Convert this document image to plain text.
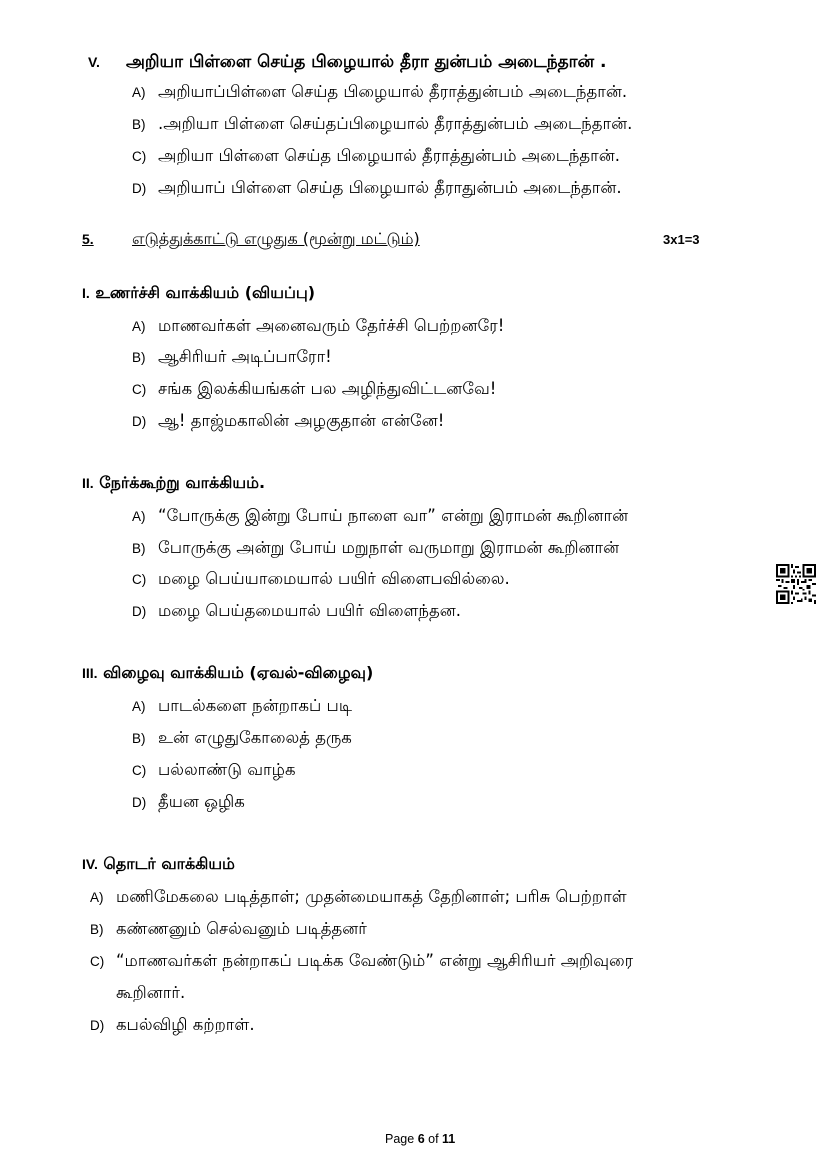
V. அறியா பிள்ளை செய்த பிழையால் தீரா துன்பம் அடைந்தான் .
A) அறியாப்பிள்ளை செய்த பிழையால் தீராத்துன்பம் அடைந்தான்.
B) .அறியா பிள்ளை செய்தப்பிழையால் தீராத்துன்பம் அடைந்தான்.
C) அறியா பிள்ளை செய்த பிழையால் தீராத்துன்பம் அடைந்தான்.
D) அறியாப் பிள்ளை செய்த பிழையால் தீராதுன்பம் அடைந்தான்.
5. எடுத்துக்காட்டு எழுதுக (மூன்று மட்டும்)	3x1=3
I. உணர்ச்சி வாக்கியம் (வியப்பு)
A) மாணவர்கள் அனைவரும் தேர்ச்சி பெற்றனரே!
B) ஆசிரியர் அடிப்பாரோ!
C) சங்க இலக்கியங்கள் பல அழிந்துவிட்டனவே!
D) ஆ! தாஜ்மகாலின் அழகுதான் என்னே!
II. நேர்க்கூற்று வாக்கியம்.
A) “போருக்கு இன்று போய் நாளை வா” என்று இராமன் கூறினான்
B) போருக்கு அன்று போய் மறுநாள் வருமாறு இராமன் கூறினான்
C) மழை பெய்யாமையால் பயிர் விளைபவில்லை.
D) மழை பெய்தமையால் பயிர் விளைந்தன.
III. விழைவு வாக்கியம் (ஏவல்-விழைவு)
A) பாடல்களை நன்றாகப் படி
B) உன் எழுதுகோலைத் தருக
C) பல்லாண்டு வாழ்க
D) தீயன ஒழிக
IV. தொடர் வாக்கியம்
A) மணிமேகலை படித்தாள்; முதன்மையாகத் தேறினாள்; பரிசு பெற்றாள்
B) கண்ணனும் செல்வனும் படித்தனர்
C) “மாணவர்கள் நன்றாகப் படிக்க வேண்டும்” என்று ஆசிரியர் அறிவுரை
கூறினார்.
D) கபல்விழி கற்றாள்.
Page 6 of 11
